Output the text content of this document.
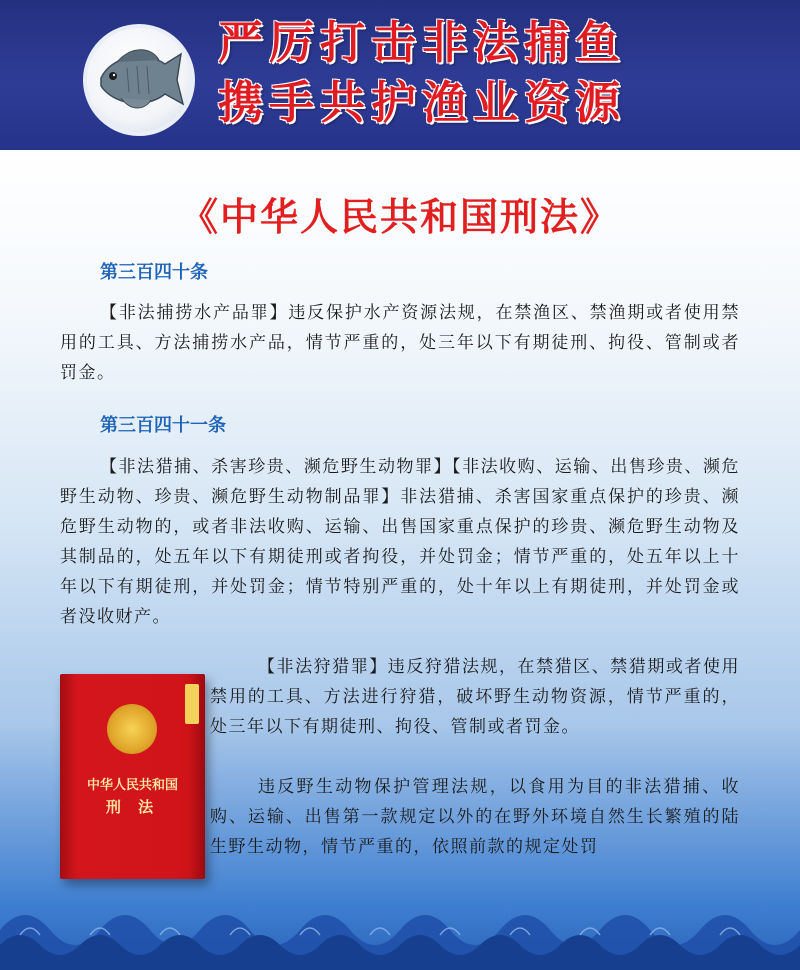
严厉打击非法捕鱼
携手共护渔业资源
《中华人民共和国刑法》
第三百四十条

【非法捕捞水产品罪】违反保护水产资源法规，在禁渔区、禁渔期或者使用禁用的工具、方法捕捞水产品，情节严重的，处三年以下有期徒刑、拘役、管制或者罚金。

第三百四十一条

【非法猎捕、杀害珍贵、濒危野生动物罪】【非法收购、运输、出售珍贵、濒危野生动物、珍贵、濒危野生动物制品罪】非法猎捕、杀害国家重点保护的珍贵、濒危野生动物的，或者非法收购、运输、出售国家重点保护的珍贵、濒危野生动物及其制品的，处五年以下有期徒刑或者拘役，并处罚金；情节严重的，处五年以上十年以下有期徒刑，并处罚金；情节特别严重的，处十年以上有期徒刑，并处罚金或者没收财产。

中华人民共和国

刑 法

【非法狩猎罪】违反狩猎法规，在禁猎区、禁猎期或者使用禁用的工具、方法进行狩猎，破坏野生动物资源，情节严重的，处三年以下有期徒刑、拘役、管制或者罚金。

违反野生动物保护管理法规，以食用为目的非法猎捕、收购、运输、出售第一款规定以外的在野外环境自然生长繁殖的陆生野生动物，情节严重的，依照前款的规定处罚
